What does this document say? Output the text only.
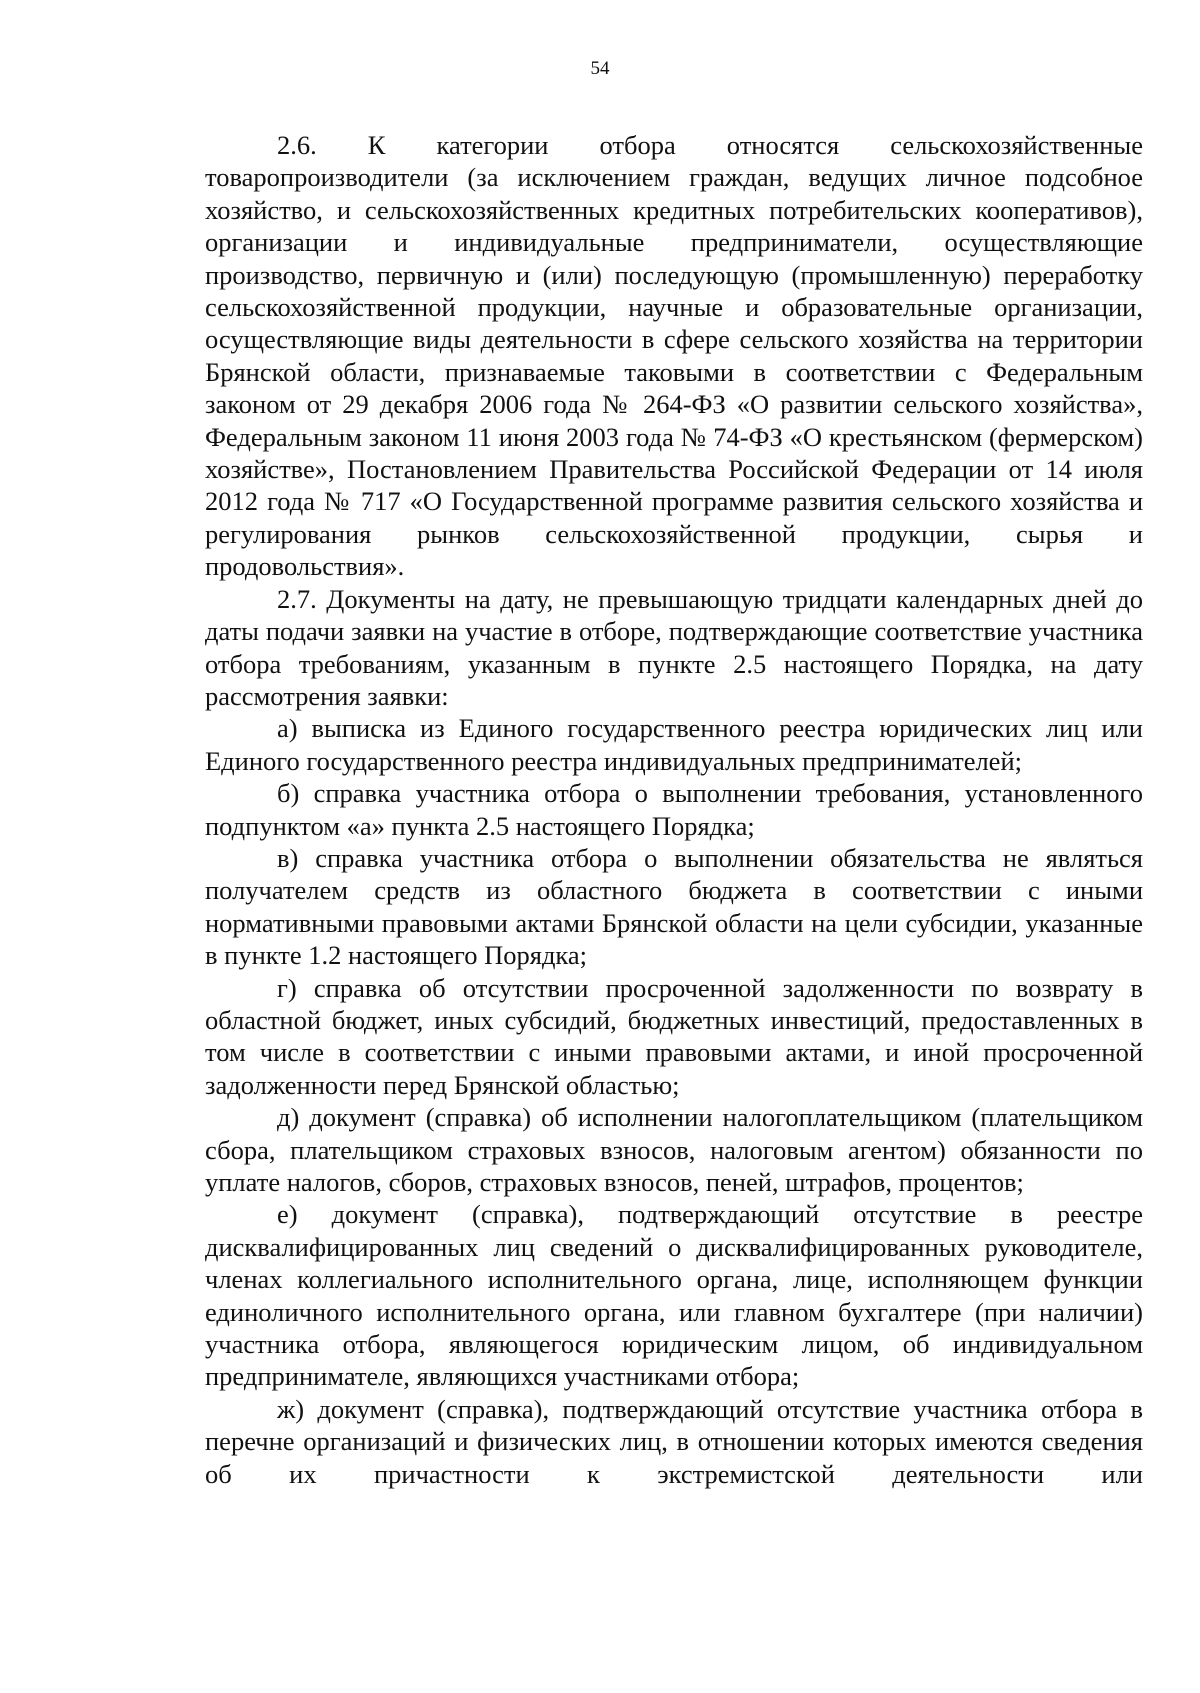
54

2.6. К категории отбора относятся сельскохозяйственные товаропроизводители (за исключением граждан, ведущих личное подсобное хозяйство, и сельскохозяйственных кредитных потребительских кооперативов), организации и индивидуальные предприниматели, осуществляющие производство, первичную и (или) последующую (промышленную) переработку сельскохозяйственной продукции, научные и образовательные организации, осуществляющие виды деятельности в сфере сельского хозяйства на территории Брянской области, признаваемые таковыми в соответствии с Федеральным законом от 29 декабря 2006 года № 264-ФЗ «О развитии сельского хозяйства», Федеральным законом 11 июня 2003 года № 74-ФЗ «О крестьянском (фермерском) хозяйстве», Постановлением Правительства Российской Федерации от 14 июля 2012 года № 717 «О Государственной программе развития сельского хозяйства и регулирования рынков сельскохозяйственной продукции, сырья и продовольствия».

2.7. Документы на дату, не превышающую тридцати календарных дней до даты подачи заявки на участие в отборе, подтверждающие соответствие участника отбора требованиям, указанным в пункте 2.5 настоящего Порядка, на дату рассмотрения заявки:

а) выписка из Единого государственного реестра юридических лиц или Единого государственного реестра индивидуальных предпринимателей;

б) справка участника отбора о выполнении требования, установленного подпунктом «а» пункта 2.5 настоящего Порядка;

в) справка участника отбора о выполнении обязательства не являться получателем средств из областного бюджета в соответствии с иными нормативными правовыми актами Брянской области на цели субсидии, указанные в пункте 1.2 настоящего Порядка;

г) справка об отсутствии просроченной задолженности по возврату в областной бюджет, иных субсидий, бюджетных инвестиций, предоставленных в том числе в соответствии с иными правовыми актами, и иной просроченной задолженности перед Брянской областью;

д) документ (справка) об исполнении налогоплательщиком (плательщиком сбора, плательщиком страховых взносов, налоговым агентом) обязанности по уплате налогов, сборов, страховых взносов, пеней, штрафов, процентов;

е) документ (справка), подтверждающий отсутствие в реестре дисквалифицированных лиц сведений о дисквалифицированных руководителе, членах коллегиального исполнительного органа, лице, исполняющем функции единоличного исполнительного органа, или главном бухгалтере (при наличии) участника отбора, являющегося юридическим лицом, об индивидуальном предпринимателе, являющихся участниками отбора;

ж) документ (справка), подтверждающий отсутствие участника отбора в перечне организаций и физических лиц, в отношении которых имеются сведения об их причастности к экстремистской деятельности или
